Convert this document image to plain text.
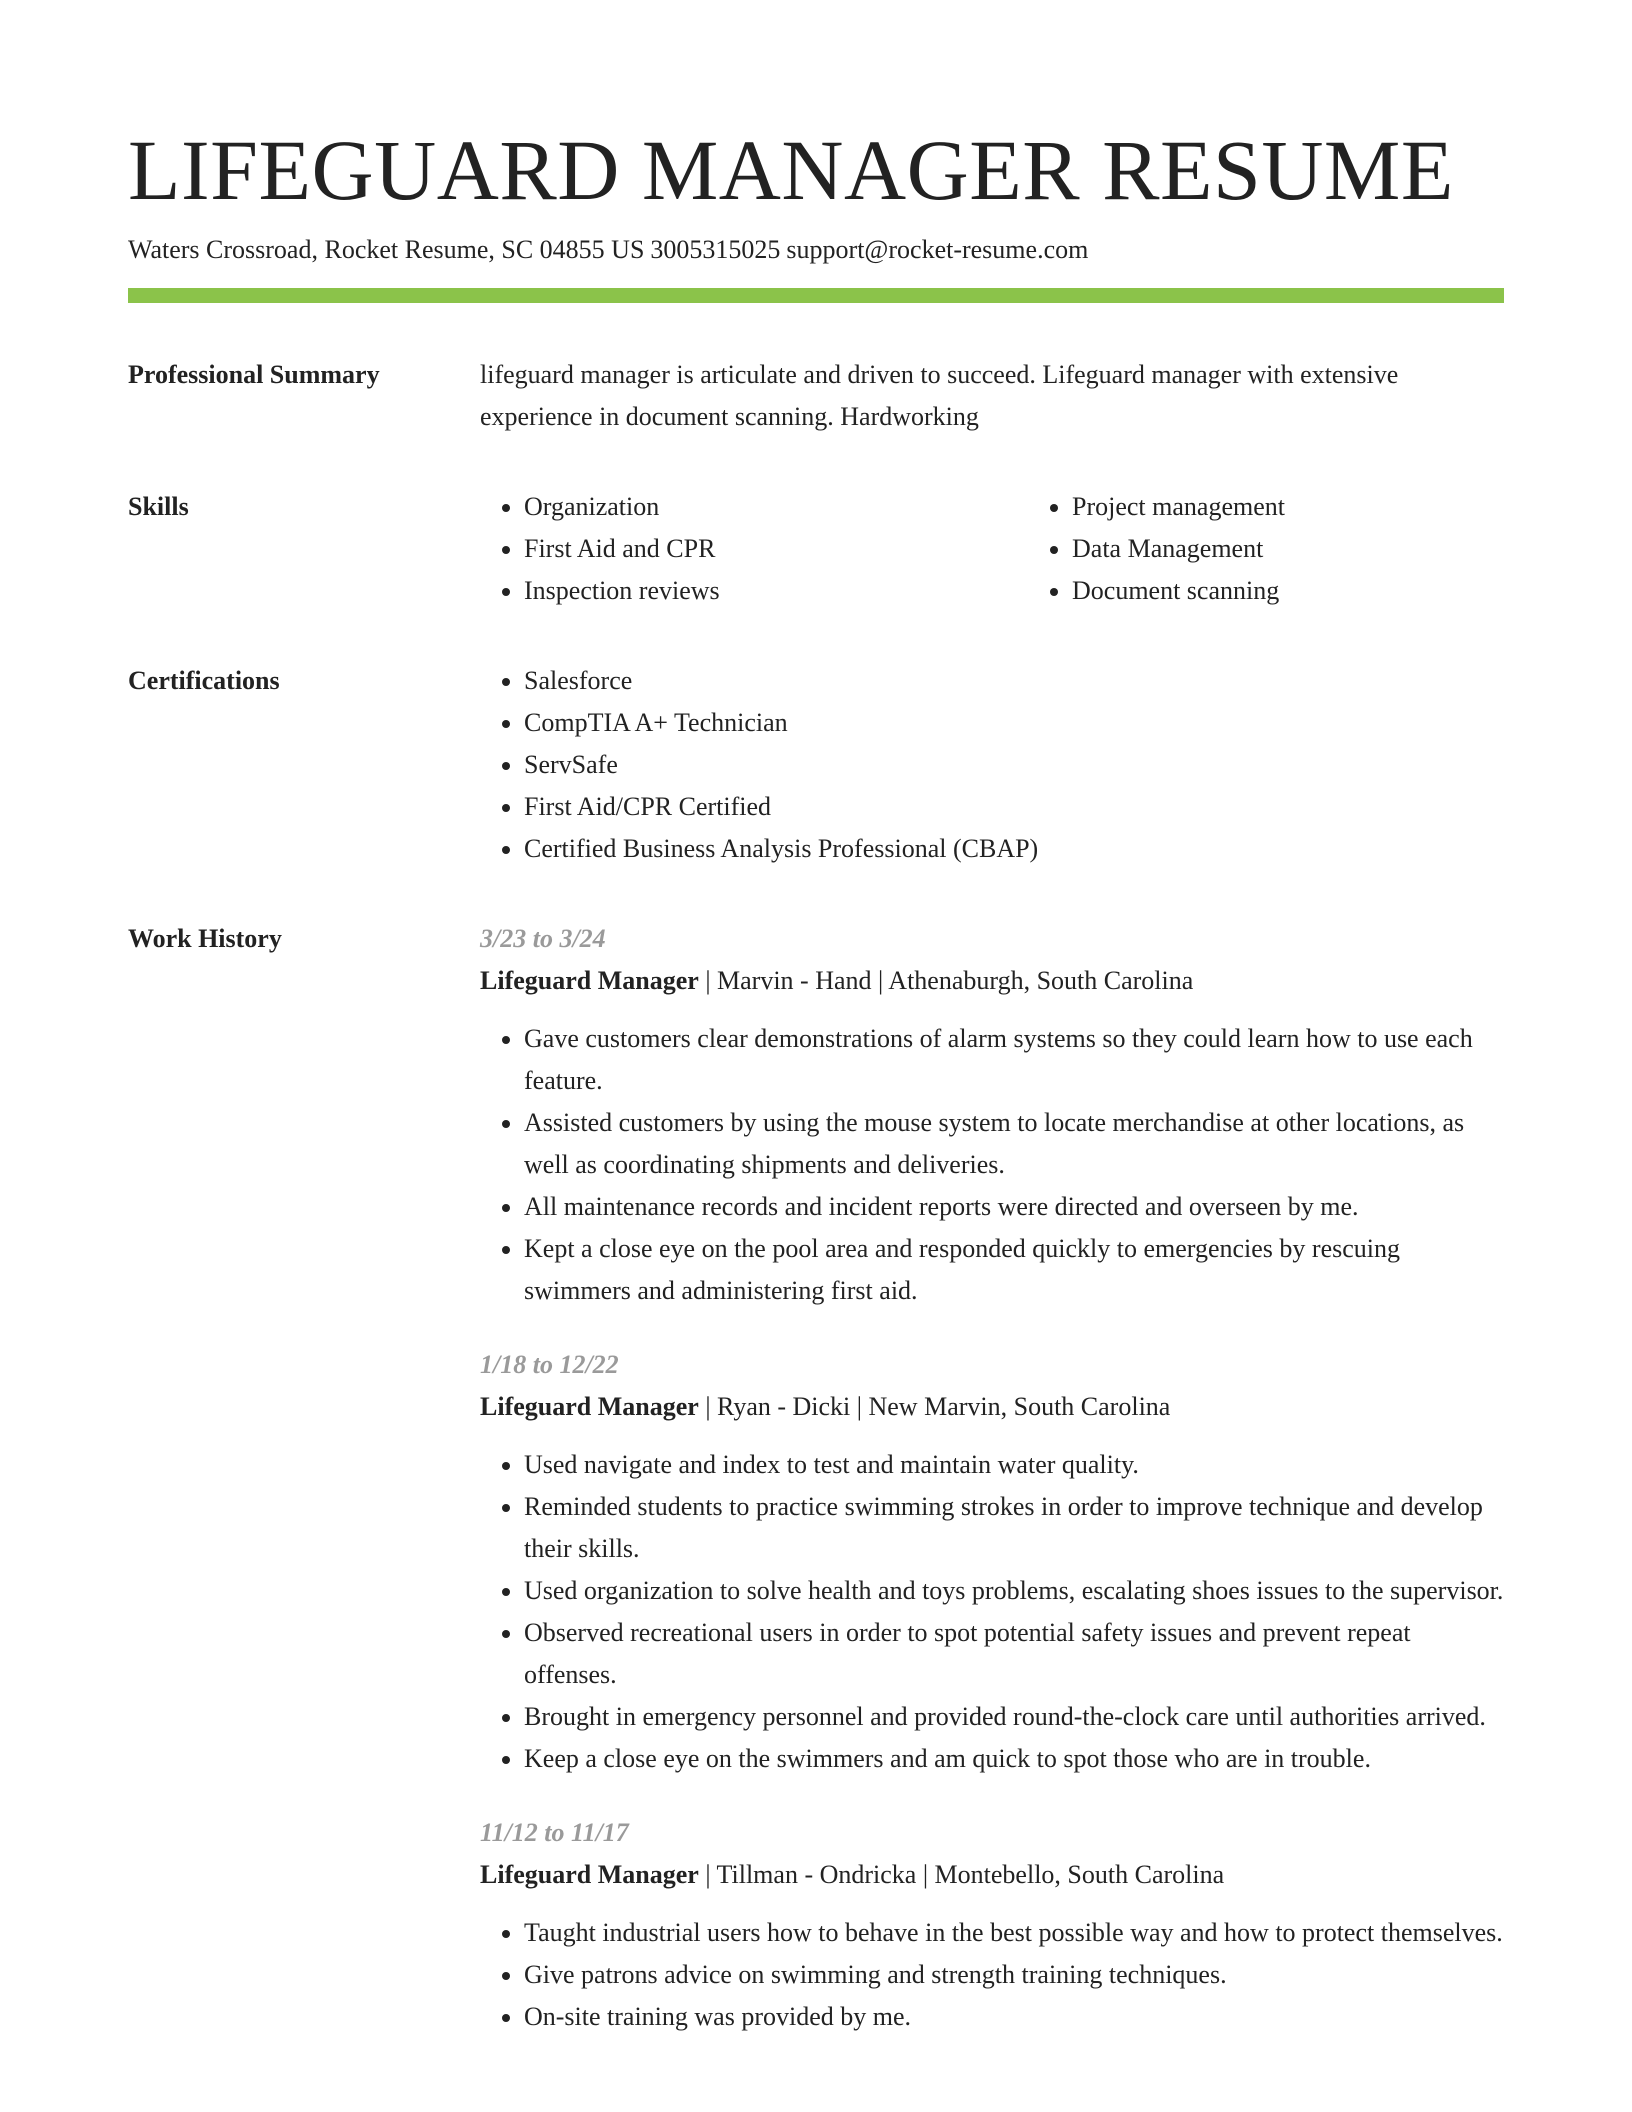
LIFEGUARD MANAGER RESUME
Waters Crossroad, Rocket Resume, SC 04855 US 3005315025 support@rocket-resume.com
Professional Summary	lifeguard manager is articulate and driven to succeed. Lifeguard manager with extensive experience in document scanning. Hardworking

Skills	• Organization
• First Aid and CPR
• Inspection reviews
• Project management
• Data Management
• Document scanning
Certifications	• Salesforce
• CompTIA A+ Technician
• ServSafe
• First Aid/CPR Certified
• Certified Business Analysis Professional (CBAP)
Work History	3/23 to 3/24
Lifeguard Manager | Marvin - Hand | Athenaburgh, South Carolina
• Gave customers clear demonstrations of alarm systems so they could learn how to use each feature.
• Assisted customers by using the mouse system to locate merchandise at other locations, as well as coordinating shipments and deliveries.
• All maintenance records and incident reports were directed and overseen by me.
• Kept a close eye on the pool area and responded quickly to emergencies by rescuing swimmers and administering first aid.
1/18 to 12/22
Lifeguard Manager | Ryan - Dicki | New Marvin, South Carolina
• Used navigate and index to test and maintain water quality.
• Reminded students to practice swimming strokes in order to improve technique and develop their skills.
• Used organization to solve health and toys problems, escalating shoes issues to the supervisor.
• Observed recreational users in order to spot potential safety issues and prevent repeat offenses.
• Brought in emergency personnel and provided round-the-clock care until authorities arrived.
• Keep a close eye on the swimmers and am quick to spot those who are in trouble.
11/12 to 11/17
Lifeguard Manager | Tillman - Ondricka | Montebello, South Carolina
• Taught industrial users how to behave in the best possible way and how to protect themselves.
• Give patrons advice on swimming and strength training techniques.
• On-site training was provided by me.
